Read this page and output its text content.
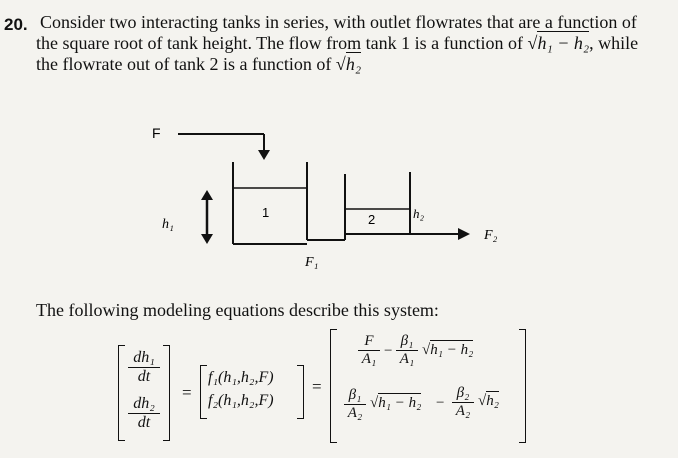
20. Consider two interacting tanks in series, with outlet flowrates that are a function of
the square root of tank height. The flow from tank 1 is a function of √h₁ − h₂, while
the flowrate out of tank 2 is a function of √h₂
F
1
h₁
F₁
2	h₂
F₂
The following modeling equations describe this system:
$\frac{\text{dh₁}}{dt}$
$\frac{\text{dh₂}}{dt}$
=
f₁(h₁,h₂,F)
f₂(h₁,h₂,F)
=
$\frac{F}{\text{A₁}} - \frac{\text{β₁}}{\text{A₁}} √h_1 - h_2$
$\frac{\text{β₁}}{\text{A₂}} √h_1 - h_2 - \frac{\text{β₂}}{\text{A₂}} √h_2$
